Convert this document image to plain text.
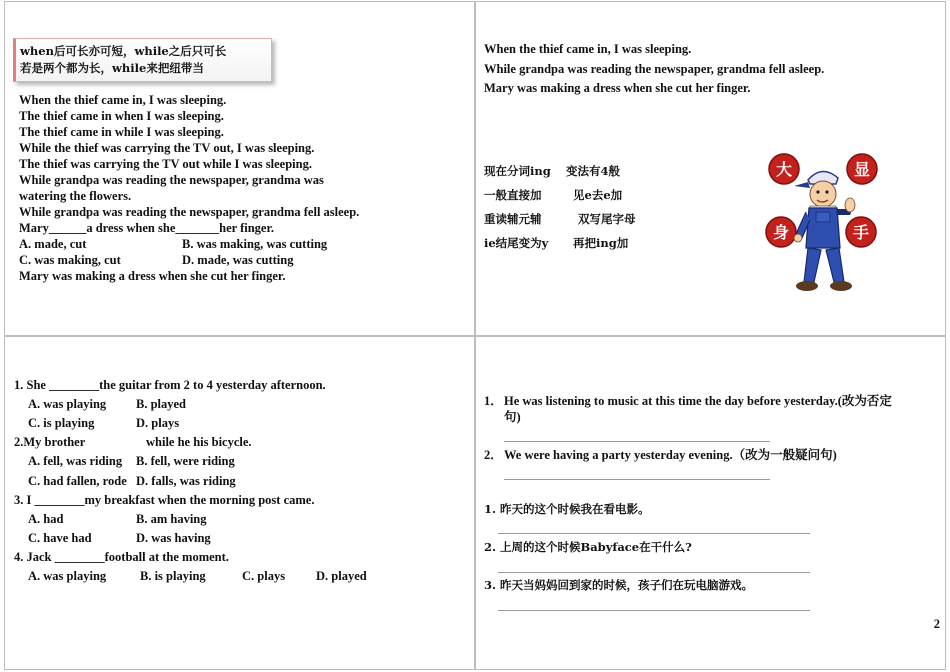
when后可长亦可短，while之后只可长
若是两个都为长，while来把纽带当
When the thief came in, I was sleeping.
The thief came in when I was sleeping.
The thief came in while I was sleeping.
While the thief was carrying the TV out, I was sleeping.
The thief was carrying the TV out while I was sleeping.
While grandpa was reading the newspaper, grandma was
watering the flowers.
While grandpa was reading the newspaper, grandma fell asleep.
Mary______a dress when she_______her finger.
A. made, cut	B. was making, was cutting
C. was making, cut	D. made, was cutting
Mary was making a dress when she cut her finger.
When the thief came in, I was sleeping.
While grandpa was reading the newspaper, grandma fell asleep.
Mary was making a dress when she cut her finger.
现在分词ing 变法有4般
一般直接加	见e去e加
重读辅元辅	双写尾字母
ie结尾变为y 再把ing加
大	显
身	手
1. She ________the guitar from 2 to 4 yesterday afternoon.
A. was playing B. played
C. is playing	D. plays
2.My brother	while he his bicycle.
A. fell, was riding B. fell, were riding
C. had fallen, rode D. falls, was riding
3. I ________my breakfast when the morning post came.
A. had	B. am having
C. have had	D. was having
4. Jack ________football at the moment.
A. was playing	B. is playing	C. plays D. played
1． He was listening to music at this time the day before yesterday.(改为否定
句)
2． We were having a party yesterday evening.（改为一般疑问句)
1. 昨天的这个时候我在看电影。
2. 上周的这个时候Babyface在干什么?
3. 昨天当妈妈回到家的时候，孩子们在玩电脑游戏。
2
